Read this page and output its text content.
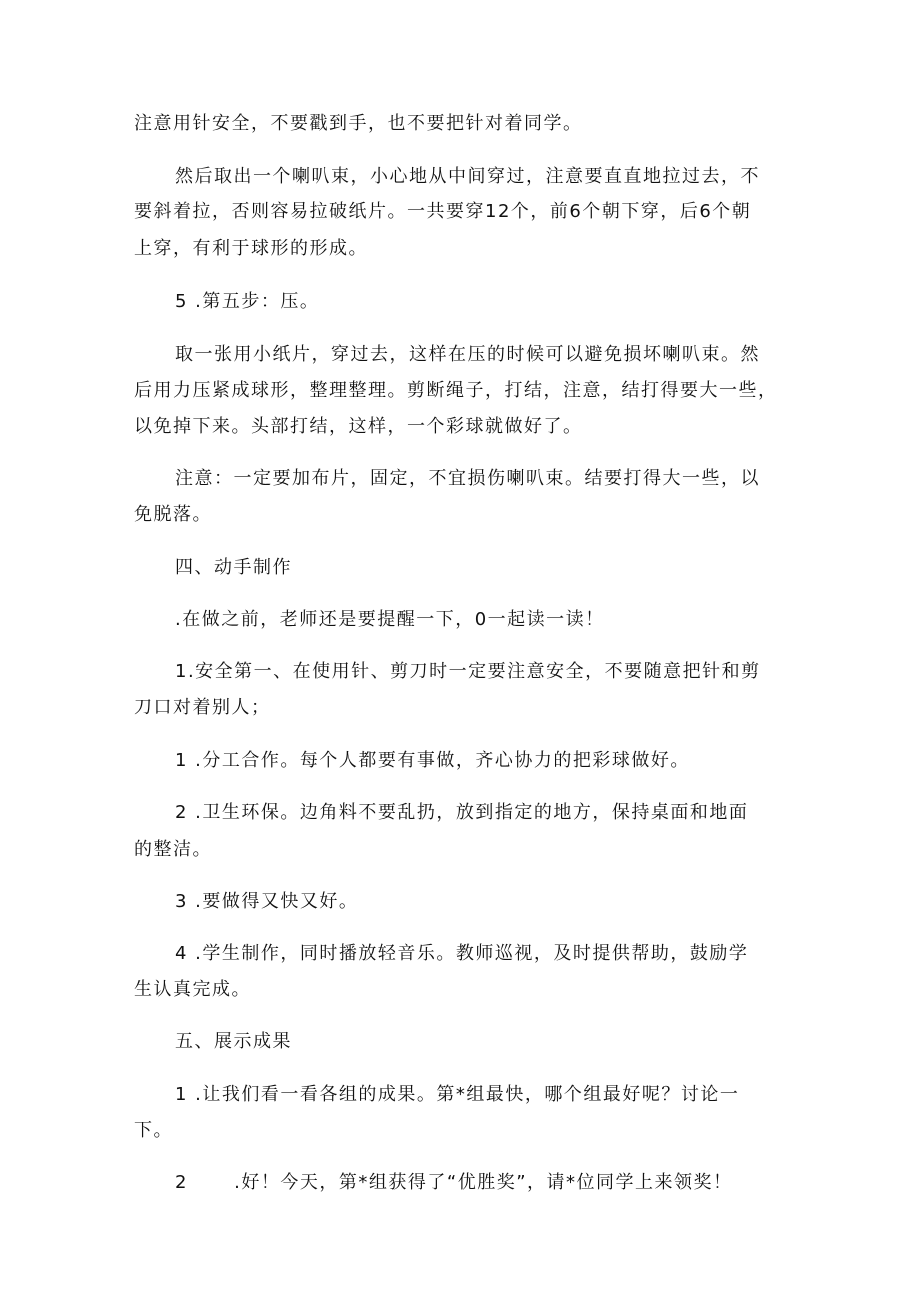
注意用针安全，不要戳到手，也不要把针对着同学。
然后取出一个喇叭束，小心地从中间穿过，注意要直直地拉过去，不
要斜着拉，否则容易拉破纸片。一共要穿12个，前6个朝下穿，后6个朝
上穿，有利于球形的形成。
5 .第五步：压。
取一张用小纸片，穿过去，这样在压的时候可以避免损坏喇叭束。然
后用力压紧成球形，整理整理。剪断绳子，打结，注意，结打得要大一些，
以免掉下来。头部打结，这样，一个彩球就做好了。
注意：一定要加布片，固定，不宜损伤喇叭束。结要打得大一些，以
免脱落。
四、动手制作
.在做之前，老师还是要提醒一下，0一起读一读！
1.安全第一、在使用针、剪刀时一定要注意安全，不要随意把针和剪
刀口对着别人；
1 .分工合作。每个人都要有事做，齐心协力的把彩球做好。
2 .卫生环保。边角料不要乱扔，放到指定的地方，保持桌面和地面
的整洁。
3 .要做得又快又好。
4 .学生制作，同时播放轻音乐。教师巡视，及时提供帮助，鼓励学
生认真完成。
五、展示成果
1 .让我们看一看各组的成果。第*组最快，哪个组最好呢？讨论一
下。
2 　　.好！今天，第*组获得了“优胜奖”，请*位同学上来领奖！
